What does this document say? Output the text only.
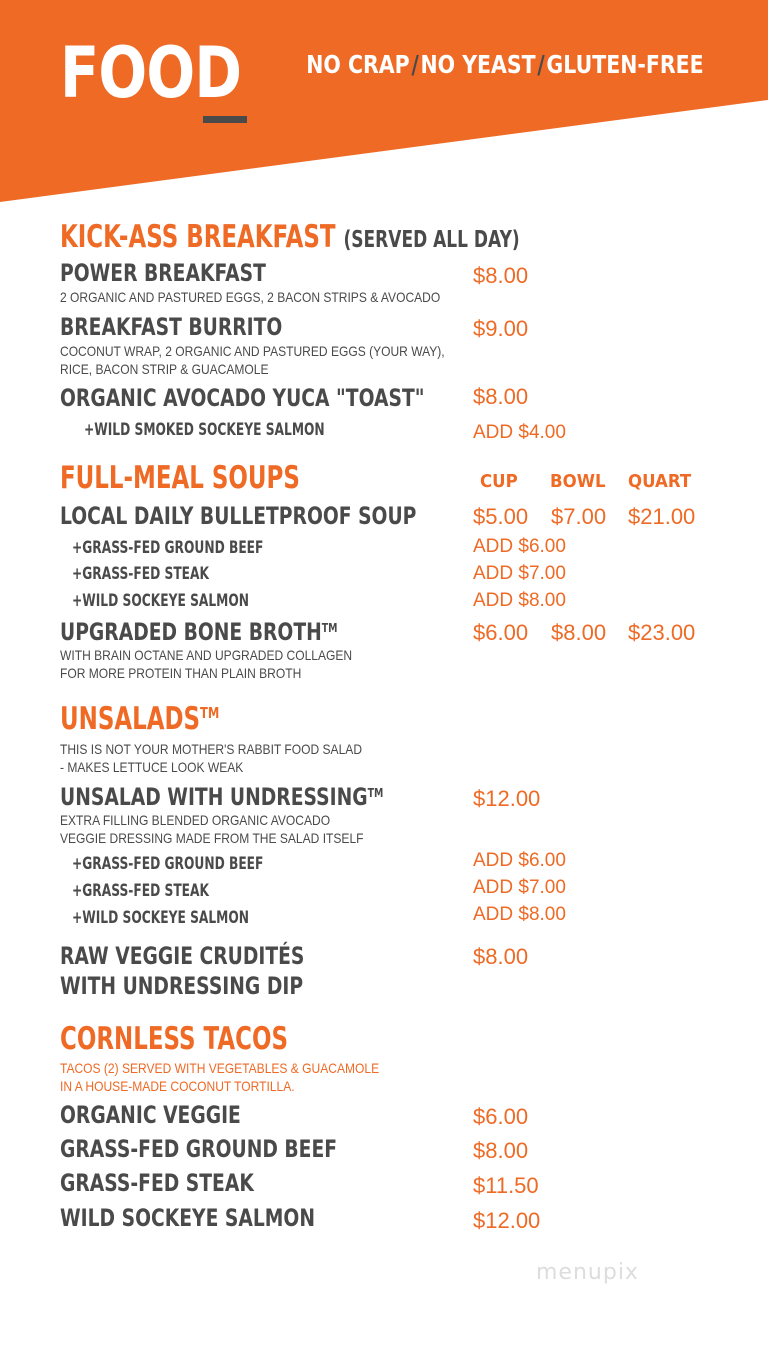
FOOD	NO CRAP/NO YEAST/GLUTEN-FREE
KICK-ASS BREAKFAST (SERVED ALL DAY)
POWER BREAKFAST
2 ORGANIC AND PASTURED EGGS, 2 BACON STRIPS & AVOCADO
$8.00
BREAKFAST BURRITO
COCONUT WRAP, 2 ORGANIC AND PASTURED EGGS (YOUR WAY),
RICE, BACON STRIP & GUACAMOLE
$9.00
ORGANIC AVOCADO YUCA "TOAST" $8.00
+WILD SMOKED SOCKEYE SALMON	ADD $4.00
FULL-MEAL SOUPS	CUP BOWL QUART
LOCAL DAILY BULLETPROOF SOUP	$5.00 $7.00 $21.00
+GRASS-FED GROUND BEEF	ADD $6.00
+GRASS-FED STEAK	ADD $7.00
+WILD SOCKEYE SALMON	ADD $8.00
UPGRADED BONE BROTH™
WITH BRAIN OCTANE AND UPGRADED COLLAGEN
FOR MORE PROTEIN THAN PLAIN BROTH
$6.00 $8.00 $23.00
UNSALADS™
THIS IS NOT YOUR MOTHER'S RABBIT FOOD SALAD
- MAKES LETTUCE LOOK WEAK
UNSALAD WITH UNDRESSING™
EXTRA FILLING BLENDED ORGANIC AVOCADO
VEGGIE DRESSING MADE FROM THE SALAD ITSELF
$12.00
+GRASS-FED GROUND BEEF	ADD $6.00
+GRASS-FED STEAK	ADD $7.00
+WILD SOCKEYE SALMON	ADD $8.00
RAW VEGGIE CRUDITÉS
WITH UNDRESSING DIP
$8.00
CORNLESS TACOS
TACOS (2) SERVED WITH VEGETABLES & GUACAMOLE
IN A HOUSE-MADE COCONUT TORTILLA.
ORGANIC VEGGIE	$6.00
GRASS-FED GROUND BEEF	$8.00
GRASS-FED STEAK	$11.50
WILD SOCKEYE SALMON	$12.00
menupix
